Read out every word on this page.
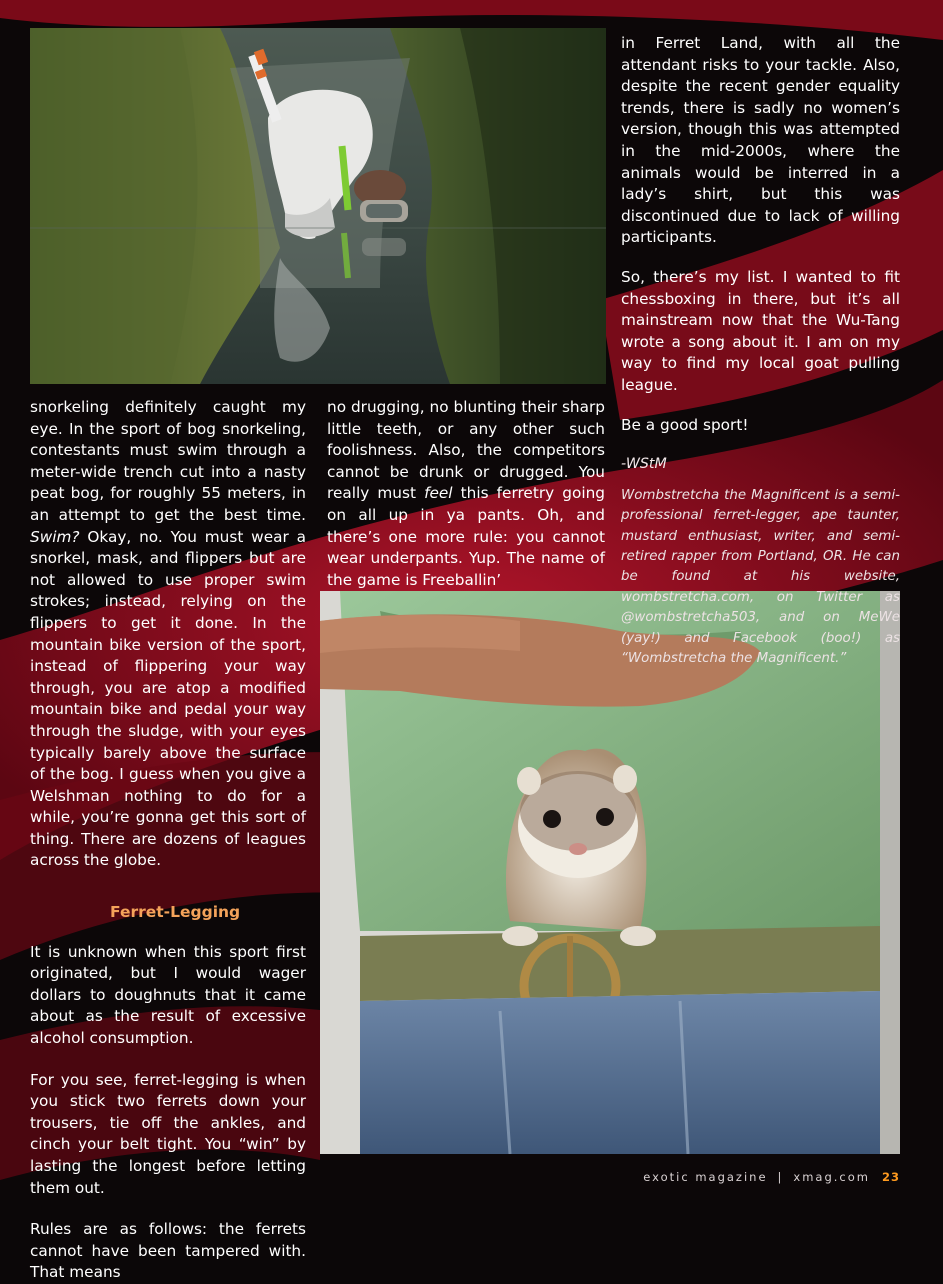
snorkeling definitely caught my eye. In the sport of bog snorkeling, contestants must swim through a meter-wide trench cut into a nasty peat bog, for roughly 55 meters, in an attempt to get the best time. Swim? Okay, no. You must wear a snorkel, mask, and flippers but are not allowed to use proper swim strokes; instead, relying on the flippers to get it done. In the mountain bike version of the sport, instead of flippering your way through, you are atop a modified mountain bike and pedal your way through the sludge, with your eyes typically barely above the surface of the bog. I guess when you give a Welshman nothing to do for a while, you’re gonna get this sort of thing. There are dozens of leagues across the globe.

Ferret-Legging

It is unknown when this sport first originated, but I would wager dollars to doughnuts that it came about as the result of excessive alcohol consumption.

For you see, ferret-legging is when you stick two ferrets down your trousers, tie off the ankles, and cinch your belt tight. You “win” by lasting the longest before letting them out.

Rules are as follows: the ferrets cannot have been tampered with. That means

no drugging, no blunting their sharp little teeth, or any other such foolishness. Also, the competitors cannot be drunk or drugged. You really must feel this ferretry going on all up in ya pants. Oh, and there’s one more rule: you cannot wear underpants. Yup. The name of the game is Freeballin’

in Ferret Land, with all the attendant risks to your tackle. Also, despite the recent gender equality trends, there is sadly no women’s version, though this was attempted in the mid-2000s, where the animals would be interred in a lady’s shirt, but this was discontinued due to lack of willing participants.

So, there’s my list. I wanted to fit chessboxing in there, but it’s all mainstream now that the Wu-Tang wrote a song about it. I am on my way to find my local goat pulling league.

Be a good sport!

-WStM

Wombstretcha the Magnificent is a semi-professional ferret-legger, ape taunter, mustard enthusiast, writer, and semi-retired rapper from Portland, OR. He can be found at his website, wombstretcha.com, on Twitter as @wombstretcha503, and on MeWe (yay!) and Facebook (boo!) as “Wombstretcha the Magnificent.”

exotic magazine | xmag.com 23
